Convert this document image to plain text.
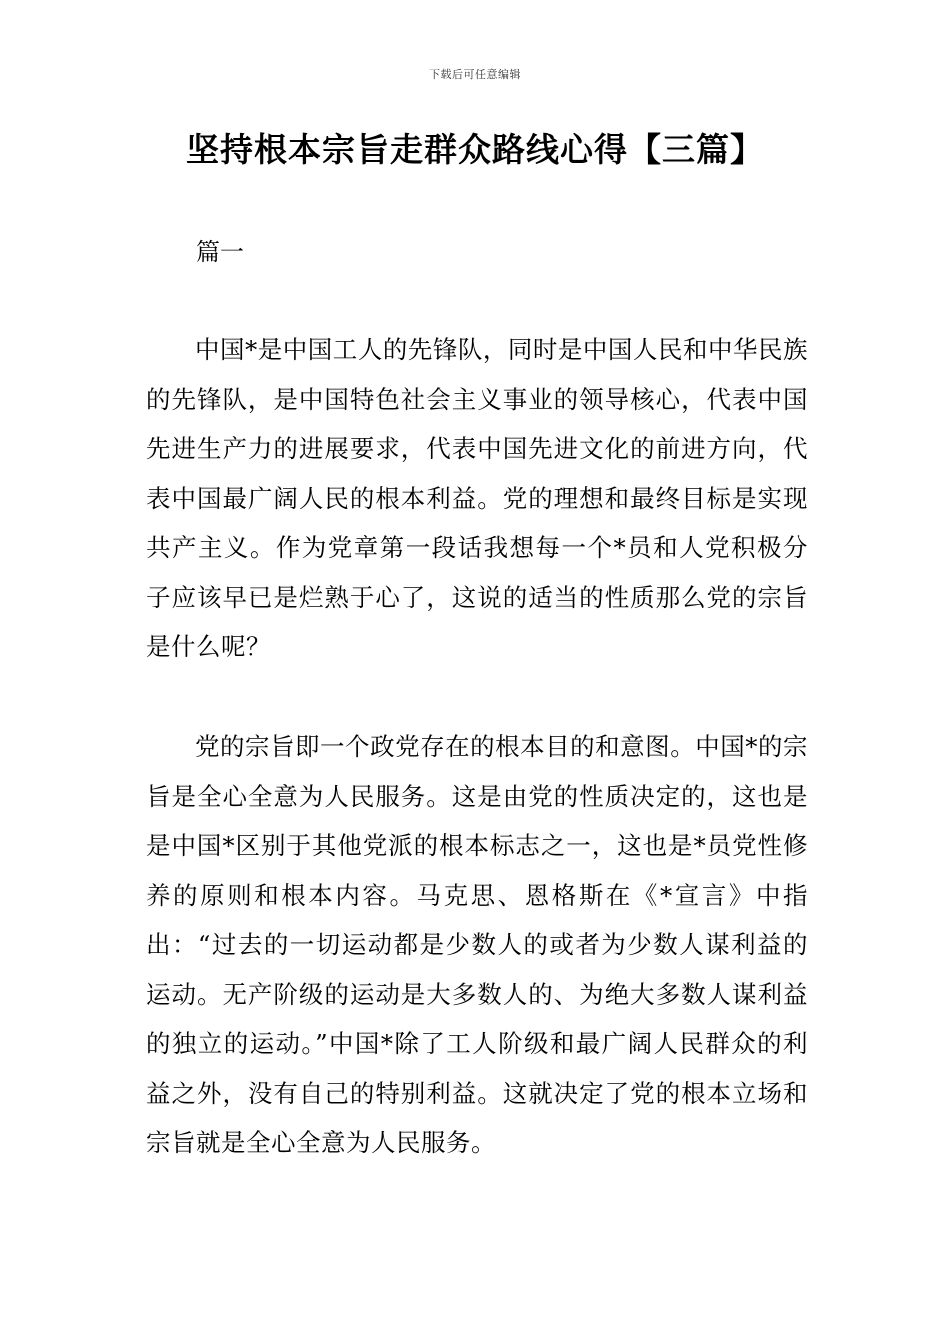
下载后可任意编辑
坚持根本宗旨走群众路线心得【三篇】
篇一

中国*是中国工人的先锋队，同时是中国人民和中华民族的先锋队，是中国特色社会主义事业的领导核心，代表中国先进生产力的进展要求，代表中国先进文化的前进方向，代表中国最广阔人民的根本利益。党的理想和最终目标是实现共产主义。作为党章第一段话我想每一个*员和人党积极分子应该早已是烂熟于心了，这说的适当的性质那么党的宗旨是什么呢？

党的宗旨即一个政党存在的根本目的和意图。中国*的宗旨是全心全意为人民服务。这是由党的性质决定的，这也是是中国*区别于其他党派的根本标志之一，这也是*员党性修养的原则和根本内容。马克思、恩格斯在《*宣言》中指出：“过去的一切运动都是少数人的或者为少数人谋利益的运动。无产阶级的运动是大多数人的、为绝大多数人谋利益的独立的运动。”中国*除了工人阶级和最广阔人民群众的利益之外，没有自己的特别利益。这就决定了党的根本立场和宗旨就是全心全意为人民服务。
